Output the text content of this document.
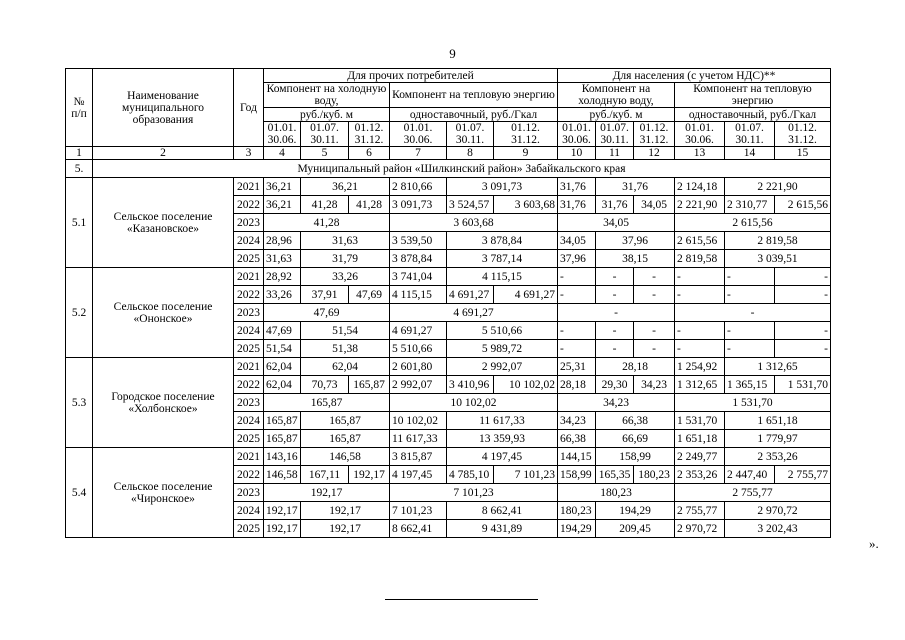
9
№ п/п	Наименование муниципального образования	Год	Для прочих потребителей						Для населения (с учетом НДС)**					
			Компонент на холодную воду,			Компонент на тепловую энергию			Компонент на холодную воду,			Компонент на тепловую энергию		

			руб./куб. м			одноставочный, руб./Гкал			руб./куб. м			одноставочный, руб./Гкал		
			01.01. 30.06.	01.07. 30.11.	01.12. 31.12.	01.01. 30.06.	01.07. 30.11.	01.12. 31.12.	01.01. 30.06.	01.07. 30.11.	01.12. 31.12.	01.01. 30.06.	01.07. 30.11.	01.12. 31.12.
1	2	3	4	5	6	7	8	9	10	11	12	13	14	15
5.	Муниципальный район «Шилкинский район» Забайкальского края													
5.1	Сельское поселение «Казановское»	2021	36,21	36,21		2 810,66	3 091,73		31,76	31,76		2 124,18	2 221,90	
		2022	36,21	41,28	41,28	3 091,73	3 524,57	3 603,68	31,76	31,76	34,05	2 221,90	2 310,77	2 615,56
		2023	41,28			3 603,68			34,05			2 615,56		
		2024	28,96	31,63		3 539,50	3 878,84		34,05	37,96		2 615,56	2 819,58	
		2025	31,63	31,79		3 878,84	3 787,14		37,96	38,15		2 819,58	3 039,51	
5.2	Сельское поселение «Ононское»	2021	28,92	33,26		3 741,04	4 115,15		-	-	-	-	-	-
		2022	33,26	37,91	47,69	4 115,15	4 691,27	4 691,27	-	-	-	-	-	-
		2023	47,69			4 691,27			-			-		
		2024	47,69	51,54		4 691,27	5 510,66		-	-	-	-	-	-
		2025	51,54	51,38		5 510,66	5 989,72		-	-	-	-	-	-
5.3	Городское поселение «Холбонское»	2021	62,04	62,04		2 601,80	2 992,07		25,31	28,18		1 254,92	1 312,65	
		2022	62,04	70,73	165,87	2 992,07	3 410,96	10 102,02	28,18	29,30	34,23	1 312,65	1 365,15	1 531,70
		2023	165,87			10 102,02			34,23			1 531,70		
		2024	165,87	165,87		10 102,02	11 617,33		34,23	66,38		1 531,70	1 651,18	
		2025	165,87	165,87		11 617,33	13 359,93		66,38	66,69		1 651,18	1 779,97	
5.4	Сельское поселение «Чиронское»	2021	143,16	146,58		3 815,87	4 197,45		144,15	158,99		2 249,77	2 353,26	
		2022	146,58	167,11	192,17	4 197,45	4 785,10	7 101,23	158,99	165,35	180,23	2 353,26	2 447,40	2 755,77
		2023	192,17			7 101,23			180,23			2 755,77		
		2024	192,17	192,17		7 101,23	8 662,41		180,23	194,29		2 755,77	2 970,72	
		2025	192,17	192,17		8 662,41	9 431,89		194,29	209,45		2 970,72	3 202,43	
».
